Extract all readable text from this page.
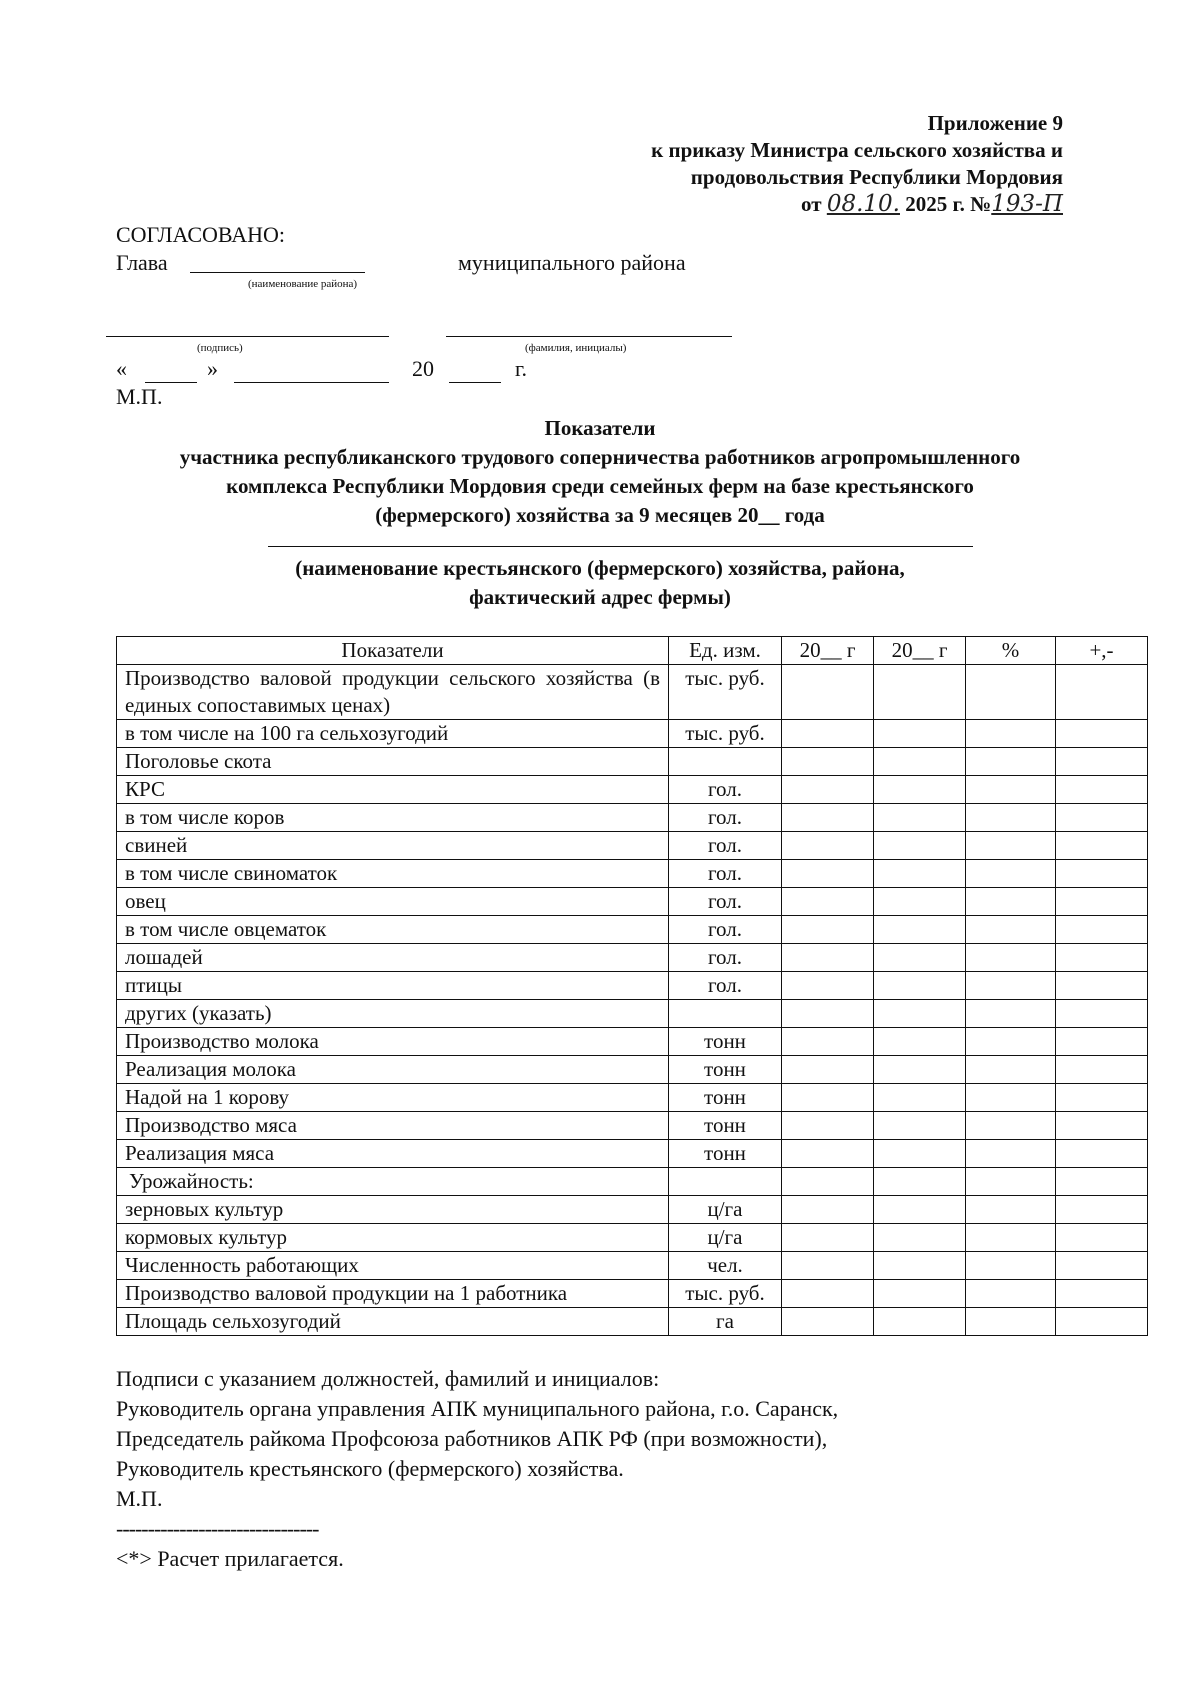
Приложение 9
к приказу Министра сельского хозяйства и
продовольствия Республики Мордовия
от 08.10. 2025 г. №193-П
СОГЛАСОВАНО:
Глава
(наименование района)
муниципального района
(подпись)	(фамилия, инициалы)
«	»	20	г.
М.П.
Показатели
участника республиканского трудового соперничества работников агропромышленного
комплекса Республики Мордовия среди семейных ферм на базе крестьянского
(фермерского) хозяйства за 9 месяцев 20__ года
(наименование крестьянского (фермерского) хозяйства, района,
фактический адрес фермы)
Показатели	Ед. изм.	20__ г	20__ г	%	+,-
Производство валовой продукции сельского хозяйства (в единых сопоставимых ценах)	тыс. руб.				
в том числе на 100 га сельхозугодий	тыс. руб.				
Поголовье скота					
КРС	гол.				
в том числе коров	гол.				
свиней	гол.				
в том числе свиноматок	гол.				
овец	гол.				
в том числе овцематок	гол.				
лошадей	гол.				
птицы	гол.				
других (указать)					
Производство молока	тонн				
Реализация молока	тонн				
Надой на 1 корову	тонн				
Производство мяса	тонн				
Реализация мяса	тонн				
Урожайность:					
зерновых культур	ц/га				
кормовых культур	ц/га				
Численность работающих	чел.				
Производство валовой продукции на 1 работника	тыс. руб.				
Площадь сельхозугодий	га				
Подписи с указанием должностей, фамилий и инициалов:
Руководитель органа управления АПК муниципального района, г.о. Саранск,
Председатель райкома Профсоюза работников АПК РФ (при возможности),
Руководитель крестьянского (фермерского) хозяйства.
М.П.
--------------------------------
<*> Расчет прилагается.
